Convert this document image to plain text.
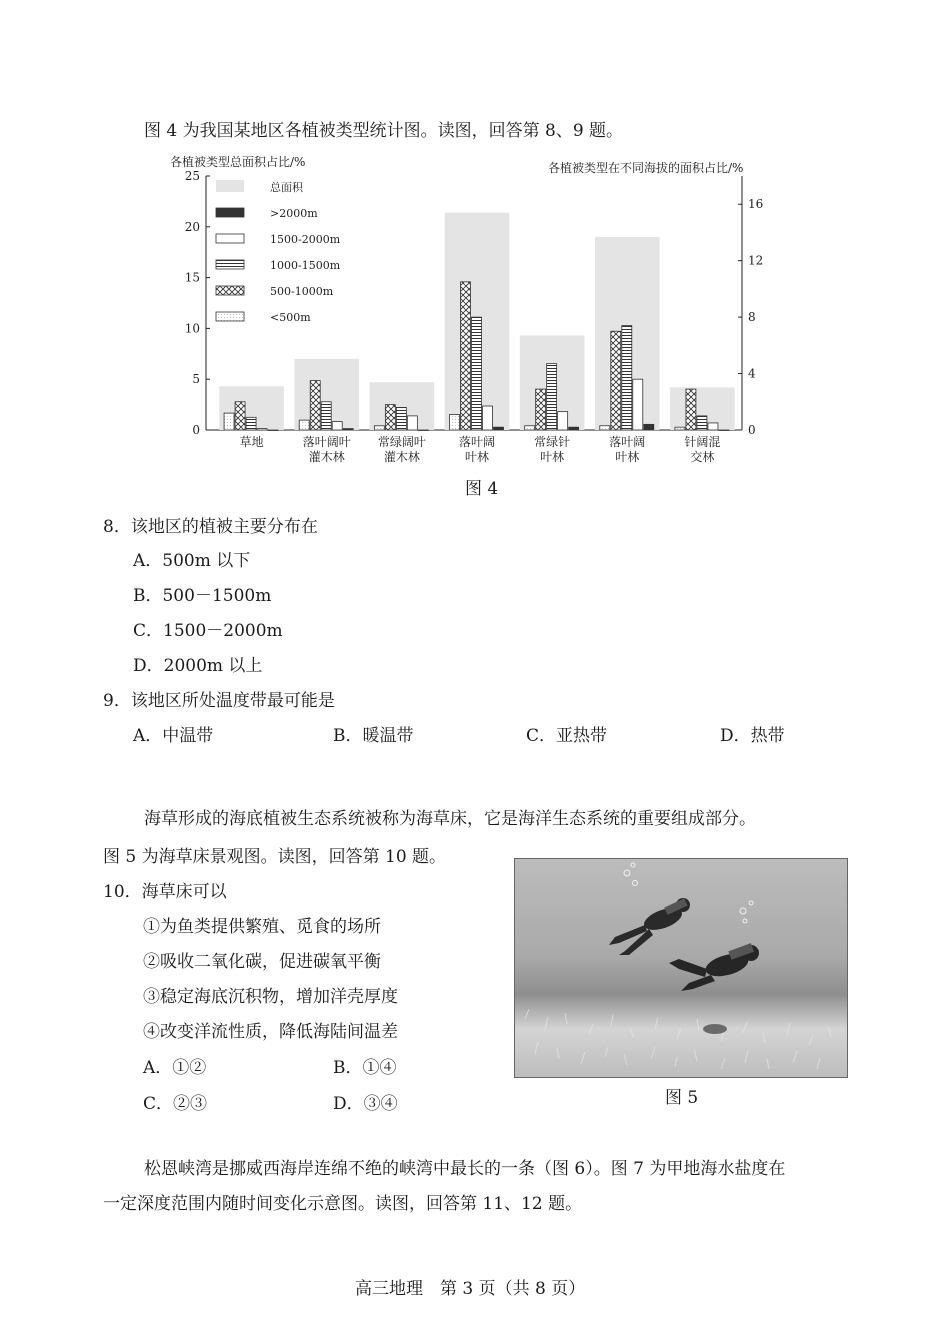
图 4 为我国某地区各植被类型统计图。读图，回答第 8、9 题。
各植被类型总面积占比/%	各植被类型在不同海拔的面积占比/%
0
5
10
15
20
25
0
4
8
12
16
草地	落叶阔叶
灌木林
常绿阔叶
灌木林
落叶阔
叶林
常绿针
叶林
落叶阔
叶林
针阔混
交林
总面积
>2000m
1500-2000m
1000-1500m
500-1000m
<500m
图 4
8．该地区的植被主要分布在
A．500m 以下
B．500－1500m
C．1500－2000m
D．2000m 以上
9．该地区所处温度带最可能是
A．中温带	B．暖温带	C．亚热带	D．热带
海草形成的海底植被生态系统被称为海草床，它是海洋生态系统的重要组成部分。
图 5 为海草床景观图。读图，回答第 10 题。
10．海草床可以
①为鱼类提供繁殖、觅食的场所
②吸收二氧化碳，促进碳氧平衡
③稳定海底沉积物，增加洋壳厚度
④改变洋流性质，降低海陆间温差
A．①②	B．①④
C．②③	D．③④	图 5
松恩峡湾是挪威西海岸连绵不绝的峡湾中最长的一条（图 6）。图 7 为甲地海水盐度在
一定深度范围内随时间变化示意图。读图，回答第 11、12 题。
高三地理　第 3 页（共 8 页）
